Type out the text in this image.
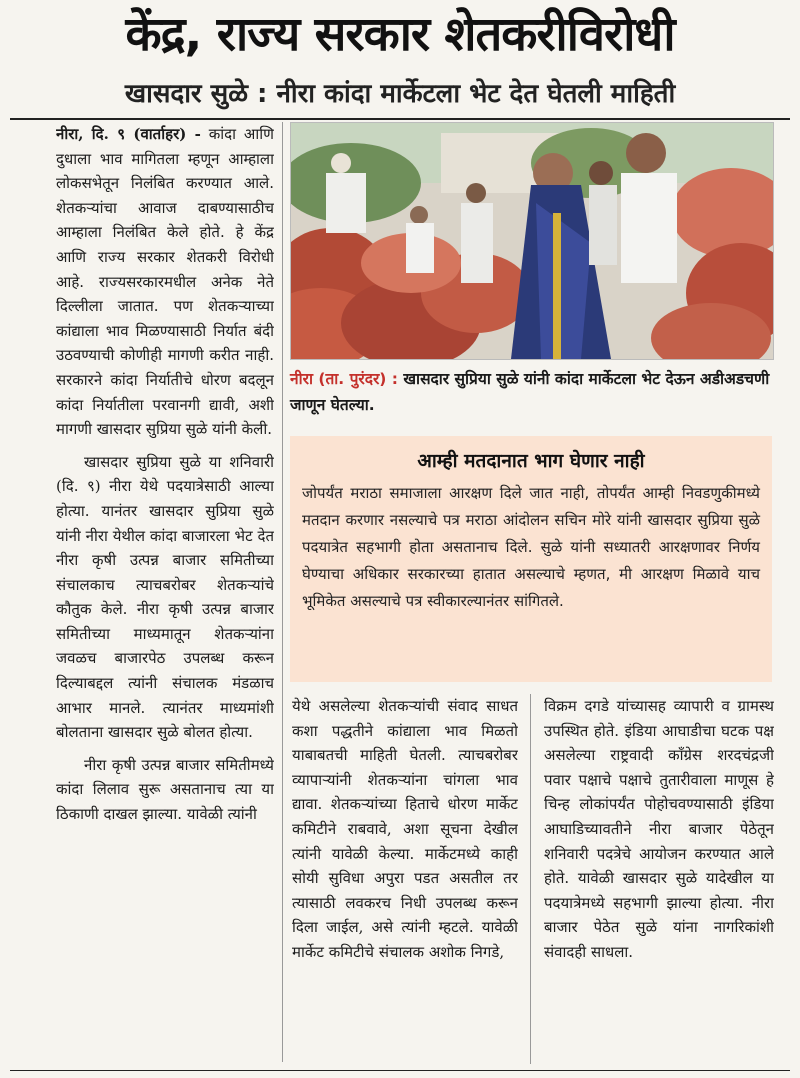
केंद्र, राज्य सरकार शेतकरीविरोधी
खासदार सुळे : नीरा कांदा मार्केटला भेट देत घेतली माहिती

नीरा, दि. ९ (वार्ताहर) - कांदा आणि दुधाला भाव मागितला म्हणून आम्हाला लोकसभेतून निलंबित करण्यात आले. शेतकऱ्यांचा आवाज दाबण्यासाठीच आम्हाला निलंबित केले होते. हे केंद्र आणि राज्य सरकार शेतकरी विरोधी आहे. राज्यसरकारमधील अनेक नेते दिल्लीला जातात. पण शेतकर्‍याच्या कांद्याला भाव मिळण्यासाठी निर्यात बंदी उठवण्याची कोणीही मागणी करीत नाही. सरकारने कांदा निर्यातीचे धोरण बदलून कांदा निर्यातीला परवानगी द्यावी, अशी मागणी खासदार सुप्रिया सुळे यांनी केली.

खासदार सुप्रिया सुळे या शनिवारी (दि. ९) नीरा येथे पदयात्रेसाठी आल्या होत्या. यानंतर खासदार सुप्रिया सुळे यांनी नीरा येथील कांदा बाजारला भेट देत नीरा कृषी उत्पन्न बाजार समितीच्या संचालकाच त्याचबरोबर शेतकऱ्यांचे कौतुक केले. नीरा कृषी उत्पन्न बाजार समितीच्या माध्यमातून शेतकर्‍यांना जवळच बाजारपेठ उपलब्ध करून दिल्याबद्दल त्यांनी संचालक मंडळाच आभार मानले. त्यानंतर माध्यमांशी बोलताना खासदार सुळे बोलत होत्या.

नीरा कृषी उत्पन्न बाजार समितीमध्ये कांदा लिलाव सुरू असतानाच त्या या ठिकाणी दाखल झाल्या. यावेळी त्यांनी

नीरा (ता. पुरंदर) : खासदार सुप्रिया सुळे यांनी कांदा मार्केटला भेट देऊन अडीअडचणी जाणून घेतल्या.
आम्ही मतदानात भाग घेणार नाही
जोपर्यंत मराठा समाजाला आरक्षण दिले जात नाही, तोपर्यंत आम्ही निवडणुकीमध्ये मतदान करणार नसल्याचे पत्र मराठा आंदोलन सचिन मोरे यांनी खासदार सुप्रिया सुळे पदयात्रेत सहभागी होता असतानाच दिले. सुळे यांनी सध्यातरी आरक्षणावर निर्णय घेण्याचा अधिकार सरकारच्या हातात असल्याचे म्हणत, मी आरक्षण मिळावे याच भूमिकेत असल्याचे पत्र स्वीकारल्यानंतर सांगितले.

येथे असलेल्या शेतकर्‍यांची संवाद साधत कशा पद्धतीने कांद्याला भाव मिळतो याबाबतची माहिती घेतली. त्याचबरोबर व्यापार्‍यांनी शेतकर्‍यांना चांगला भाव द्यावा. शेतकऱ्यांच्या हिताचे धोरण मार्केट कमिटीने राबवावे, अशा सूचना देखील त्यांनी यावेळी केल्या. मार्केटमध्ये काही सोयी सुविधा अपुरा पडत असतील तर त्यासाठी लवकरच निधी उपलब्ध करून दिला जाईल, असे त्यांनी म्हटले. यावेळी मार्केट कमिटीचे संचालक अशोक निगडे,

विक्रम दगडे यांच्यासह व्यापारी व ग्रामस्थ उपस्थित होते. इंडिया आघाडीचा घटक पक्ष असलेल्या राष्ट्रवादी काँग्रेस शरदचंद्रजी पवार पक्षाचे पक्षाचे तुतारीवाला माणूस हे चिन्ह लोकांपर्यंत पोहोचवण्यासाठी इंडिया आघाडिच्यावतीने नीरा बाजार पेठेतून शनिवारी पदत्रेचे आयोजन करण्यात आले होते. यावेळी खासदार सुळे यादेखील या पदयात्रेमध्ये सहभागी झाल्या होत्या. नीरा बाजार पेठेत सुळे यांना नागरिकांशी संवादही साधला.
